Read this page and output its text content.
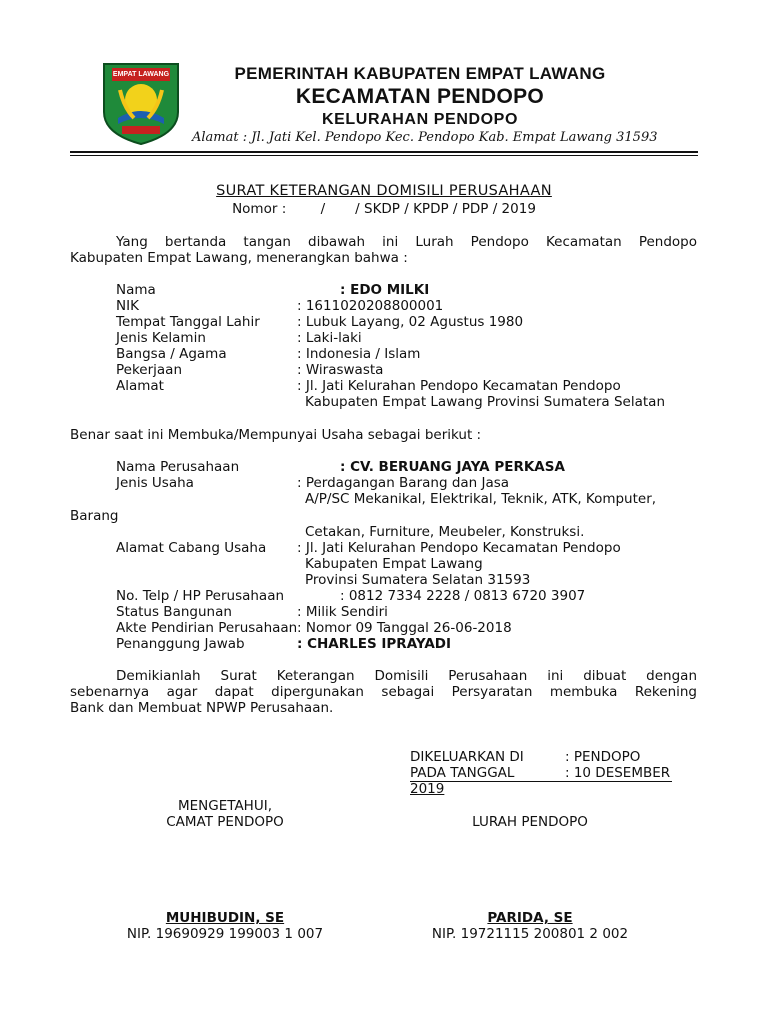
EMPAT LAWANG	PEMERINTAH KABUPATEN EMPAT LAWANG
KECAMATAN PENDOPO
KELURAHAN PENDOPO
Alamat : Jl. Jati Kel. Pendopo Kec. Pendopo Kab. Empat Lawang 31593
SURAT KETERANGAN DOMISILI PERUSAHAAN
Nomor :        /       / SKDP / KPDP / PDP / 2019
Yang bertanda tangan dibawah ini Lurah Pendopo Kecamatan Pendopo
Kabupaten Empat Lawang, menerangkan bahwa :
Nama	: EDO MILKI
NIK	: 1611020208800001
Tempat Tanggal Lahir	: Lubuk Layang, 02 Agustus 1980
Jenis Kelamin	: Laki-laki
Bangsa / Agama	: Indonesia / Islam
Pekerjaan	: Wiraswasta
Alamat	: Jl. Jati Kelurahan Pendopo Kecamatan Pendopo
Kabupaten Empat Lawang Provinsi Sumatera Selatan
Benar saat ini Membuka/Mempunyai Usaha sebagai berikut :
Nama Perusahaan	: CV. BERUANG JAYA PERKASA
Jenis Usaha	: Perdagangan Barang dan Jasa
A/P/SC Mekanikal, Elektrikal, Teknik, ATK, Komputer,
Barang
Cetakan, Furniture, Meubeler, Konstruksi.
Alamat Cabang Usaha : Jl. Jati Kelurahan Pendopo Kecamatan Pendopo
Kabupaten Empat Lawang
Provinsi Sumatera Selatan 31593
No. Telp / HP Perusahaan	: 0812 7334 2228 / 0813 6720 3907
Status Bangunan	: Milik Sendiri
Akte Pendirian Perusahaan : Nomor 09 Tanggal 26-06-2018
Penanggung Jawab	: CHARLES IPRAYADI
Demikianlah Surat Keterangan Domisili Perusahaan ini dibuat dengan
sebenarnya agar dapat dipergunakan sebagai Persyaratan membuka Rekening
Bank dan Membuat NPWP Perusahaan.
DIKELUARKAN DI	: PENDOPO
PADA TANGGAL	: 10 DESEMBER
2019
MENGETAHUI,
CAMAT PENDOPO	LURAH PENDOPO
MUHIBUDIN, SE
NIP. 19690929 199003 1 007
PARIDA, SE
NIP. 19721115 200801 2 002
